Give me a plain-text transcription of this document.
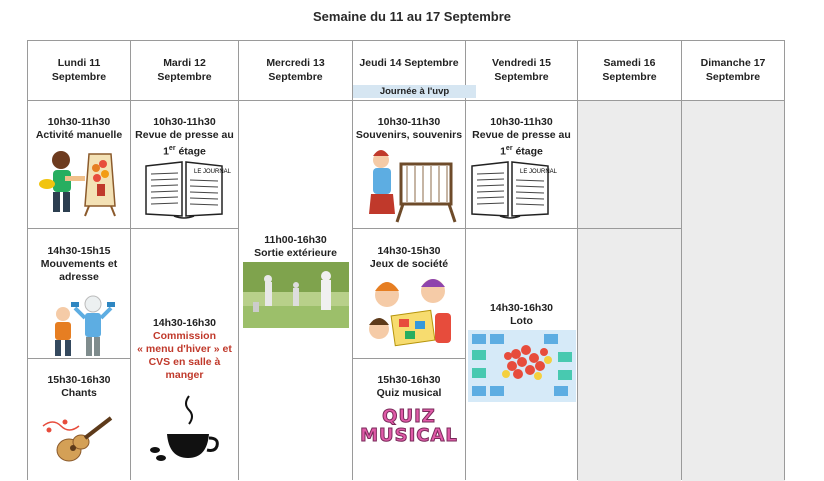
Semaine du 11 au 17 Septembre
Lundi 11
Septembre
Mardi 12
Septembre
Mercredi 13
Septembre
Jeudi 14 Septembre	Vendredi 15
Septembre
Samedi 16
Septembre
Dimanche 17
Septembre
Journée à l'uvp
10h30-11h30
Activité manuelle
14h30-15h15
Mouvements et
adresse
15h30-16h30
Chants
10h30-11h30
Revue de presse au
1er étage
LE JOURNAL
14h30-16h30
Commission
« menu d'hiver » et
CVS en salle à
manger
11h00-16h30
Sortie extérieure
10h30-11h30
Souvenirs, souvenirs
14h30-15h30
Jeux de société
15h30-16h30
Quiz musical
QUIZ
MUSICAL
10h30-11h30
Revue de presse au
1er étage
LE JOURNAL
14h30-16h30
Loto
